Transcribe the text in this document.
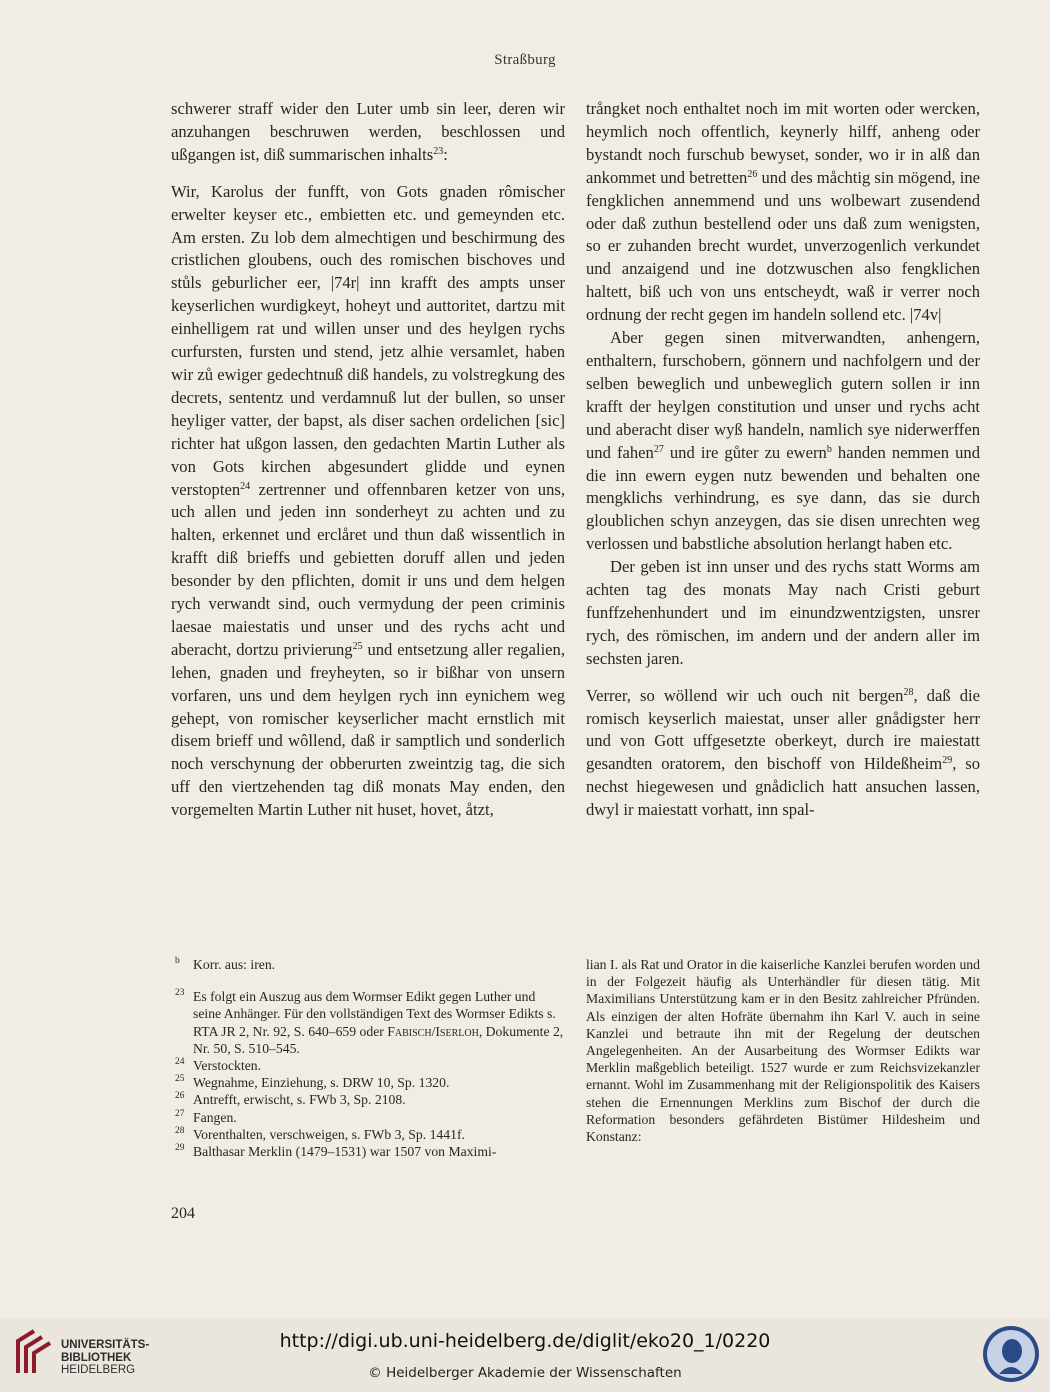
Straßburg

schwerer straff wider den Luter umb sin leer, deren wir anzuhangen beschruwen werden, beschlossen und ußgangen ist, diß summarischen inhalts$^{23}$:

Wir, Karolus der funfft, von Gots gnaden rômischer erwelter keyser etc., embietten etc. und gemeynden etc. Am ersten. Zu lob dem almechtigen und beschirmung des cristlichen gloubens, ouch des romischen bischoves und stůls geburlicher eer, |74r| inn krafft des ampts unser keyserlichen wurdigkeyt, hoheyt und auttoritet, dartzu mit einhelligem rat und willen unser und des heylgen rychs curfursten, fursten und stend, jetz alhie versamlet, haben wir zů ewiger gedechtnuß diß handels, zu volstregkung des decrets, sententz und verdamnuß lut der bullen, so unser heyliger vatter, der bapst, als diser sachen ordelichen [sic] richter hat ußgon lassen, den gedachten Martin Luther als von Gots kirchen abgesundert glidde und eynen verstopten$^{24}$ zertrenner und offennbaren ketzer von uns, uch allen und jeden inn sonderheyt zu achten und zu halten, erkennet und erclåret und thun daß wissentlich in krafft diß brieffs und gebietten doruff allen und jeden besonder by den pflichten, domit ir uns und dem helgen rych verwandt sind, ouch vermydung der peen criminis laesae maiestatis und unser und des rychs acht und aberacht, dortzu privierung$^{25}$ und entsetzung aller regalien, lehen, gnaden und freyheyten, so ir bißhar von unsern vorfaren, uns und dem heylgen rych inn eynichem weg gehept, von romischer keyserlicher macht ernstlich mit disem brieff und wôllend, daß ir samptlich und sonderlich noch verschynung der obberurten zweintzig tag, die sich uff den viertzehenden tag diß monats May enden, den vorgemelten Martin Luther nit huset, hovet, åtzt,

trångket noch enthaltet noch im mit worten oder wercken, heymlich noch offentlich, keynerly hilff, anheng oder bystandt noch furschub bewyset, sonder, wo ir in alß dan ankommet und betretten$^{26}$ und des måchtig sin mögend, ine fengklichen annemmend und uns wolbewart zusendend oder daß zuthun bestellend oder uns daß zum wenigsten, so er zuhanden brecht wurdet, unverzogenlich verkundet und anzaigend und ine dotzwuschen also fengklichen haltett, biß uch von uns entscheydt, waß ir verrer noch ordnung der recht gegen im handeln sollend etc. |74v|

Aber gegen sinen mitverwandten, anhengern, enthaltern, furschobern, gönnern und nachfolgern und der selben beweglich und unbeweglich gutern sollen ir inn krafft der heylgen constitution und unser und rychs acht und aberacht diser wyß handeln, namlich sye niderwerffen und fahen$^{27}$ und ire gůter zu ewern$^b$ handen nemmen und die inn ewern eygen nutz bewenden und behalten one mengklichs verhindrung, es sye dann, das sie durch gloublichen schyn anzeygen, das sie disen unrechten weg verlossen und babstliche absolution herlangt haben etc.

Der geben ist inn unser und des rychs statt Worms am achten tag des monats May nach Cristi geburt funffzehenhundert und im einundzwentzigsten, unsrer rych, des römischen, im andern und der andern aller im sechsten jaren.

Verrer, so wöllend wir uch ouch nit bergen$^{28}$, daß die romisch keyserlich maiestat, unser aller gnådigster herr und von Gott uffgesetzte oberkeyt, durch ire maiestatt gesandten oratorem, den bischoff von Hildeßheim$^{29}$, so nechst hiegewesen und gnådiclich hatt ansuchen lassen, dwyl ir maiestatt vorhatt, inn spal-

b Korr. aus: iren.
23 Es folgt ein Auszug aus dem Wormser Edikt gegen Luther und seine Anhänger. Für den vollständigen Text des Wormser Edikts s. RTA JR 2, Nr. 92, S. 640–659 oder Fabisch/Iserloh, Dokumente 2, Nr. 50, S. 510–545.
24 Verstockten.
25 Wegnahme, Einziehung, s. DRW 10, Sp. 1320.
26 Antrefft, erwischt, s. FWb 3, Sp. 2108.
27 Fangen.
28 Vorenthalten, verschweigen, s. FWb 3, Sp. 1441f.
29 Balthasar Merklin (1479–1531) war 1507 von Maximi-

lian I. als Rat und Orator in die kaiserliche Kanzlei berufen worden und in der Folgezeit häufig als Unterhändler für diesen tätig. Mit Maximilians Unterstützung kam er in den Besitz zahlreicher Pfründen. Als einzigen der alten Hofräte übernahm ihn Karl V. auch in seine Kanzlei und betraute ihn mit der Regelung der deutschen Angelegenheiten. An der Ausarbeitung des Wormser Edikts war Merklin maßgeblich beteiligt. 1527 wurde er zum Reichsvizekanzler ernannt. Wohl im Zusammenhang mit der Religionspolitik des Kaisers stehen die Ernennungen Merklins zum Bischof der durch die Reformation besonders gefährdeten Bistümer Hildesheim und Konstanz:

204
UNIVERSITÄTS-
BIBLIOTHEK
HEIDELBERG
http://digi.ub.uni-heidelberg.de/diglit/eko20_1/0220
© Heidelberger Akademie der Wissenschaften
